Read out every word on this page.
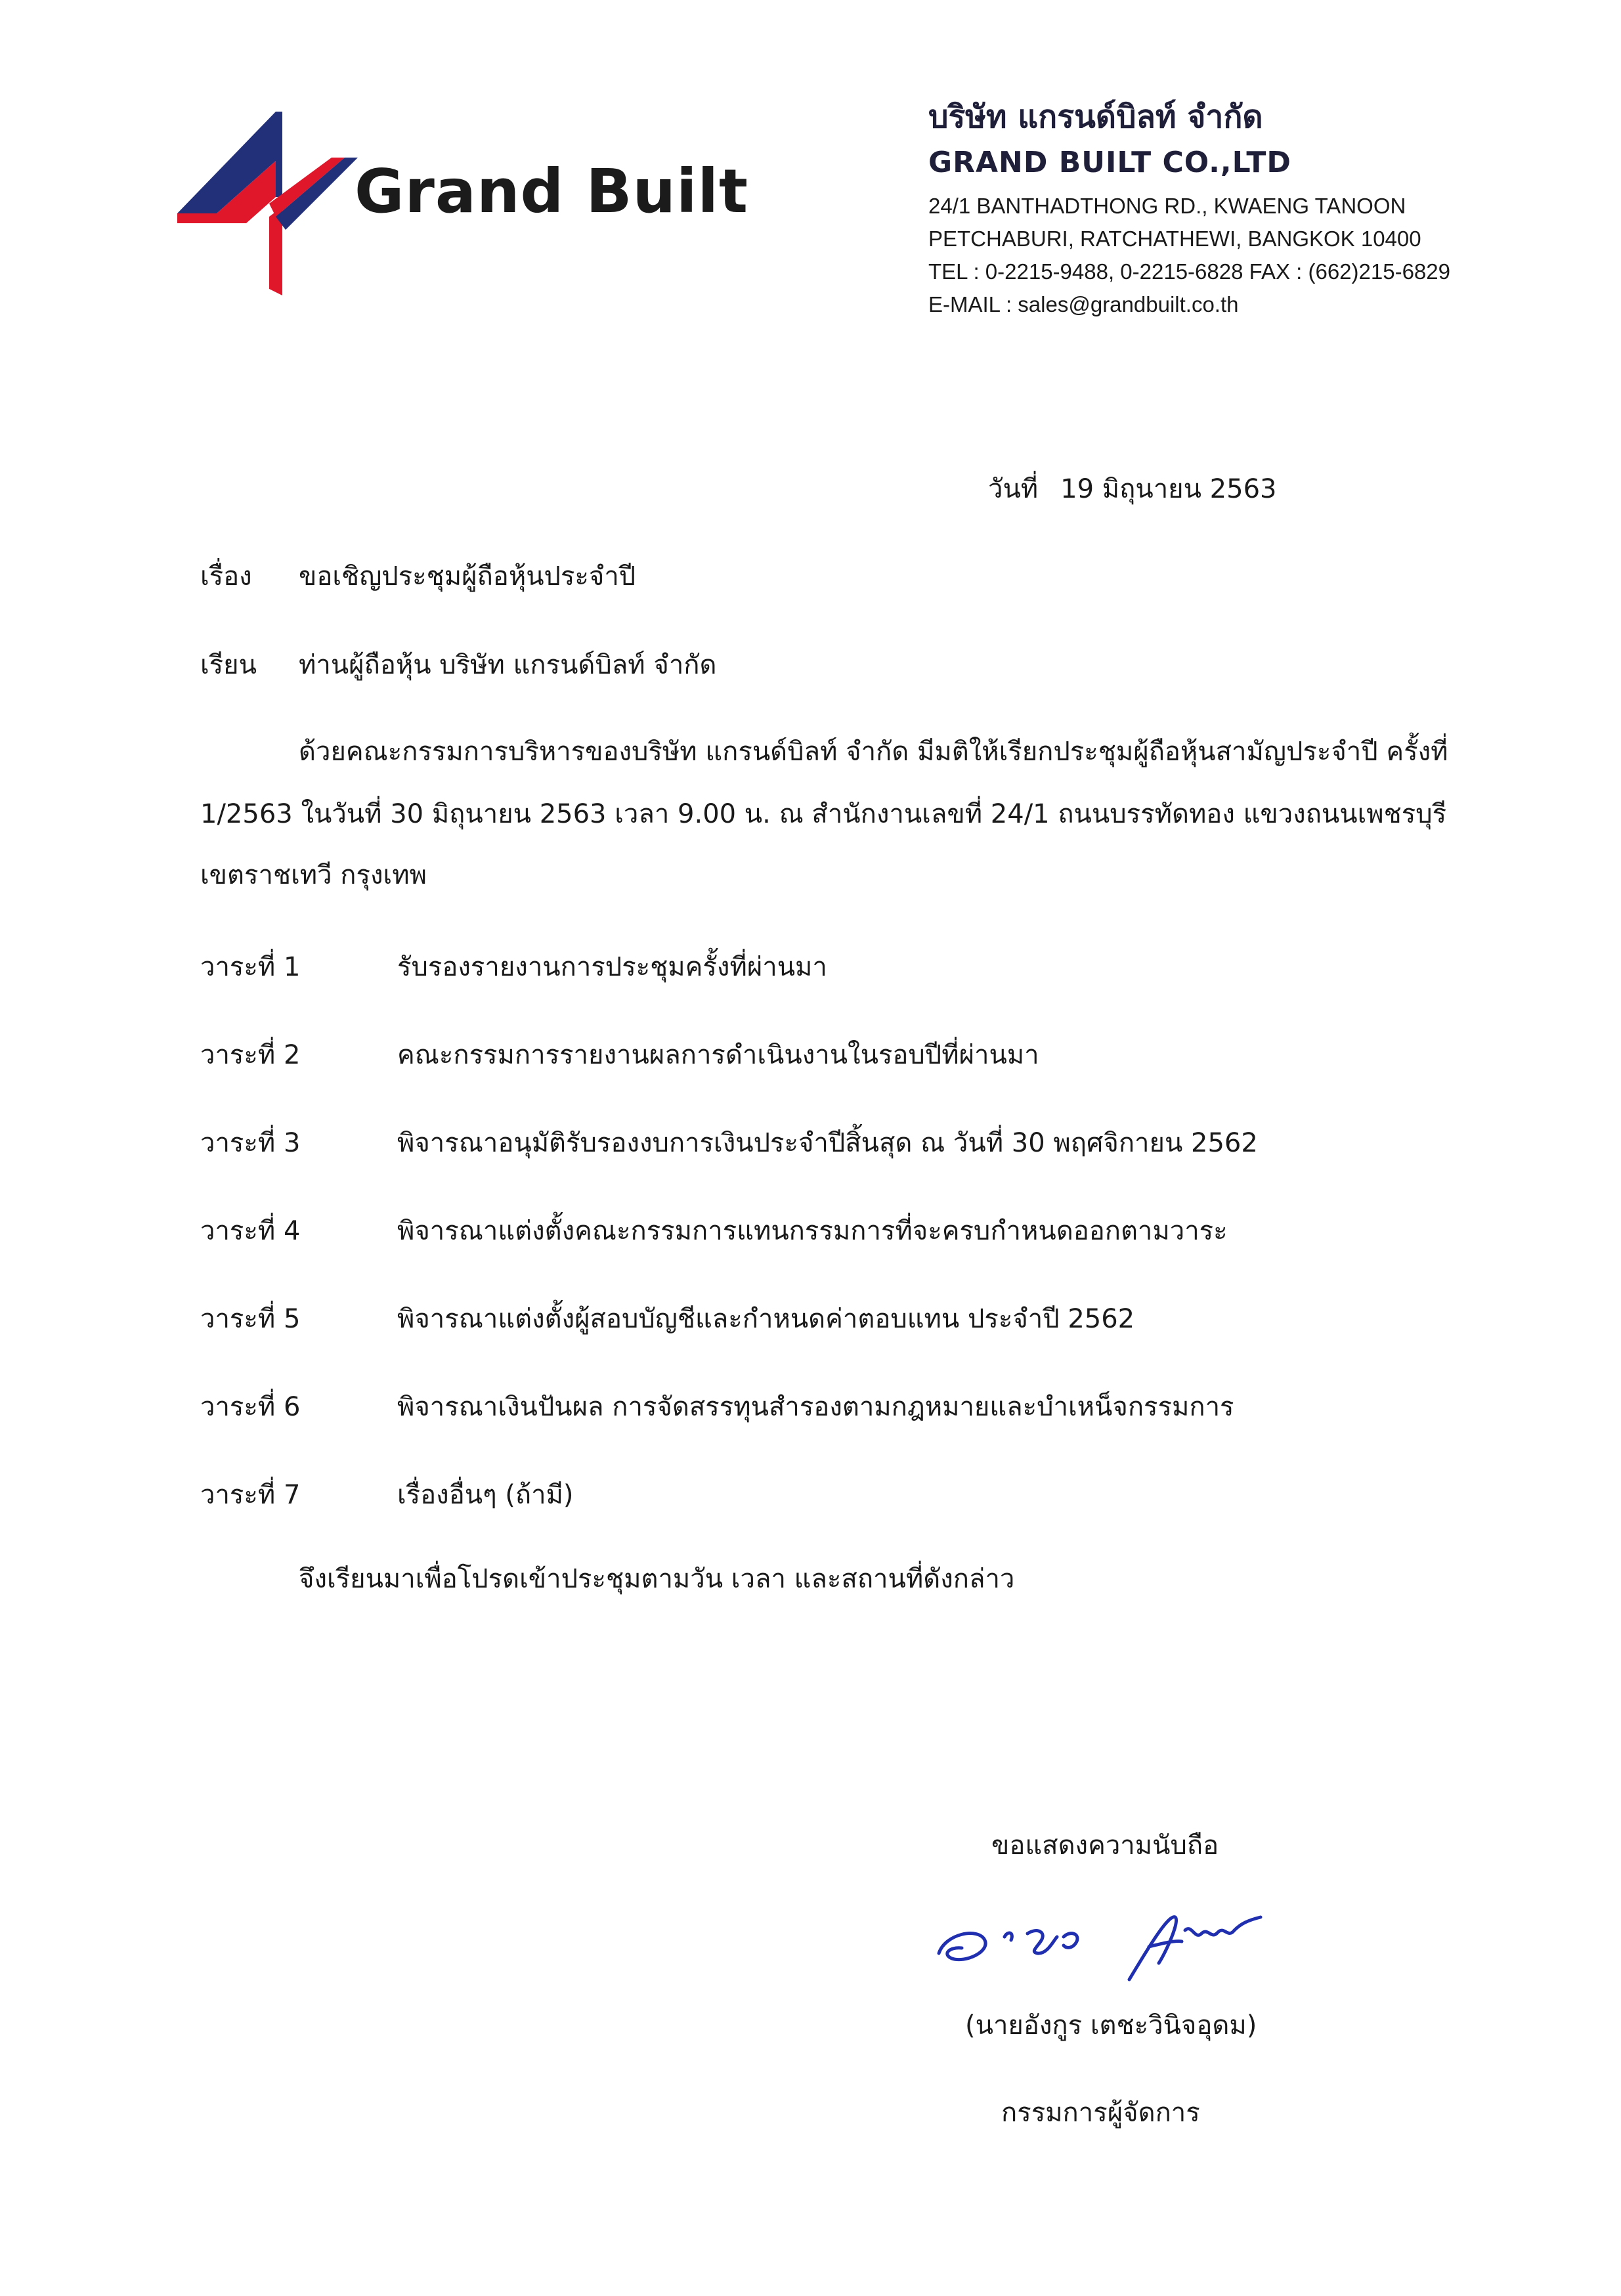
Grand Built
บริษัท แกรนด์บิลท์ จำกัด
GRAND BUILT CO.,LTD
24/1 BANTHADTHONG RD., KWAENG TANOON
PETCHABURI, RATCHATHEWI, BANGKOK 10400
TEL : 0-2215-9488, 0-2215-6828 FAX : (662)215-6829
E-MAIL : sales@grandbuilt.co.th
วันที่ 19 มิถุนายน 2563
เรื่อง ขอเชิญประชุมผู้ถือหุ้นประจำปี
เรียน ท่านผู้ถือหุ้น บริษัท แกรนด์บิลท์ จำกัด
ด้วยคณะกรรมการบริหารของบริษัท แกรนด์บิลท์ จำกัด มีมติให้เรียกประชุมผู้ถือหุ้นสามัญประจำปี ครั้งที่
1/2563 ในวันที่ 30 มิถุนายน 2563 เวลา 9.00 น. ณ สำนักงานเลขที่ 24/1 ถนนบรรทัดทอง แขวงถนนเพชรบุรี
เขตราชเทวี กรุงเทพ
วาระที่ 1	รับรองรายงานการประชุมครั้งที่ผ่านมา
วาระที่ 2	คณะกรรมการรายงานผลการดำเนินงานในรอบปีที่ผ่านมา
วาระที่ 3	พิจารณาอนุมัติรับรองงบการเงินประจำปีสิ้นสุด ณ วันที่ 30 พฤศจิกายน 2562
วาระที่ 4	พิจารณาแต่งตั้งคณะกรรมการแทนกรรมการที่จะครบกำหนดออกตามวาระ
วาระที่ 5	พิจารณาแต่งตั้งผู้สอบบัญชีและกำหนดค่าตอบแทน ประจำปี 2562
วาระที่ 6	พิจารณาเงินปันผล การจัดสรรทุนสำรองตามกฎหมายและบำเหน็จกรรมการ
วาระที่ 7	เรื่องอื่นๆ (ถ้ามี)
จึงเรียนมาเพื่อโปรดเข้าประชุมตามวัน เวลา และสถานที่ดังกล่าว
ขอแสดงความนับถือ
(นายอังกูร เตชะวินิจอุดม)
กรรมการผู้จัดการ
